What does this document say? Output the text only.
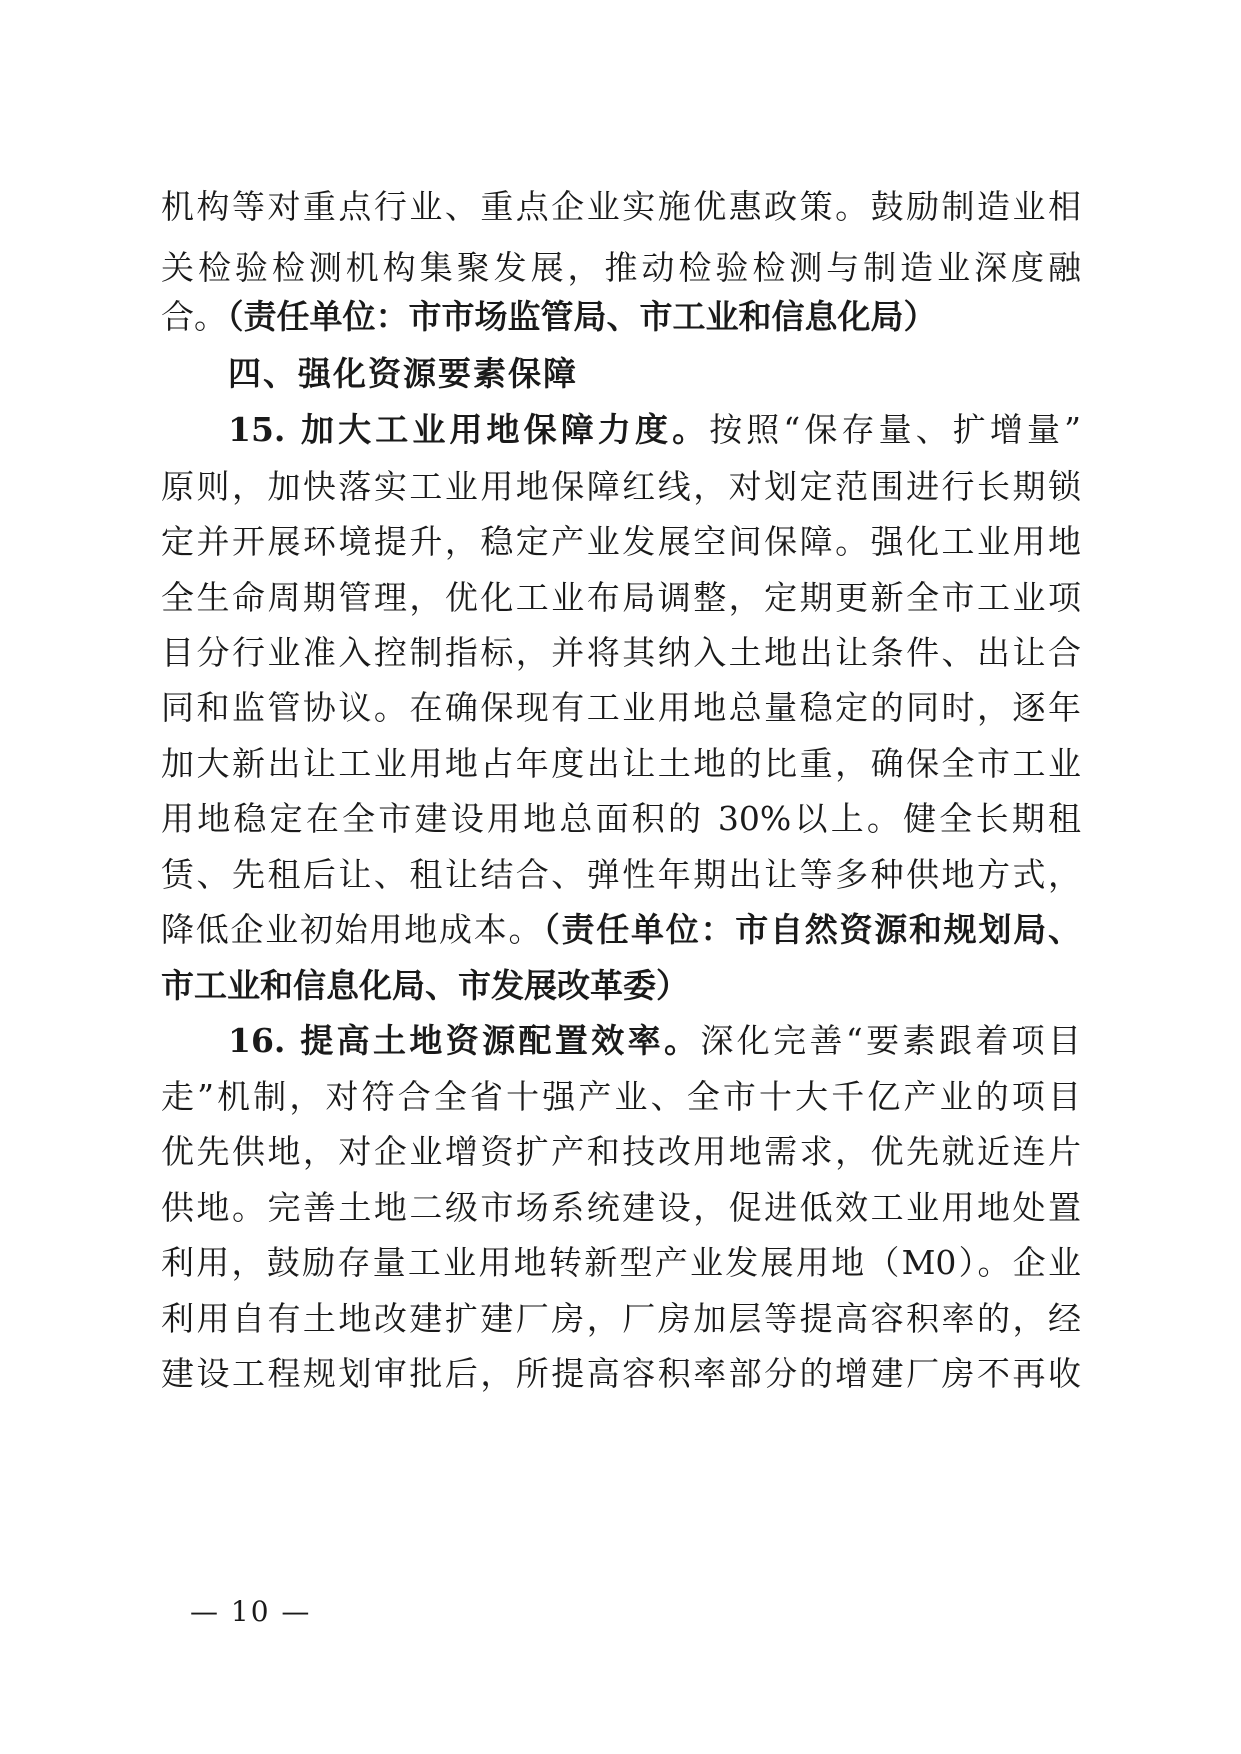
机构等对重点行业、重点企业实施优惠政策。鼓励制造业相
关检验检测机构集聚发展，推动检验检测与制造业深度融
合。（责任单位：市市场监管局、市工业和信息化局）
四、强化资源要素保障
15. 加大工业用地保障力度。按照“保存量、扩增量”
原则，加快落实工业用地保障红线，对划定范围进行长期锁
定并开展环境提升，稳定产业发展空间保障。强化工业用地
全生命周期管理，优化工业布局调整，定期更新全市工业项
目分行业准入控制指标，并将其纳入土地出让条件、出让合
同和监管协议。在确保现有工业用地总量稳定的同时，逐年
加大新出让工业用地占年度出让土地的比重，确保全市工业
用地稳定在全市建设用地总面积的 30%以上。健全长期租
赁、先租后让、租让结合、弹性年期出让等多种供地方式，
降低企业初始用地成本。（责任单位：市自然资源和规划局、
市工业和信息化局、市发展改革委）
16. 提高土地资源配置效率。深化完善“要素跟着项目
走”机制，对符合全省十强产业、全市十大千亿产业的项目
优先供地，对企业增资扩产和技改用地需求，优先就近连片
供地。完善土地二级市场系统建设，促进低效工业用地处置
利用，鼓励存量工业用地转新型产业发展用地（M0）。企业
利用自有土地改建扩建厂房，厂房加层等提高容积率的，经
建设工程规划审批后，所提高容积率部分的增建厂房不再收
— 10 —
